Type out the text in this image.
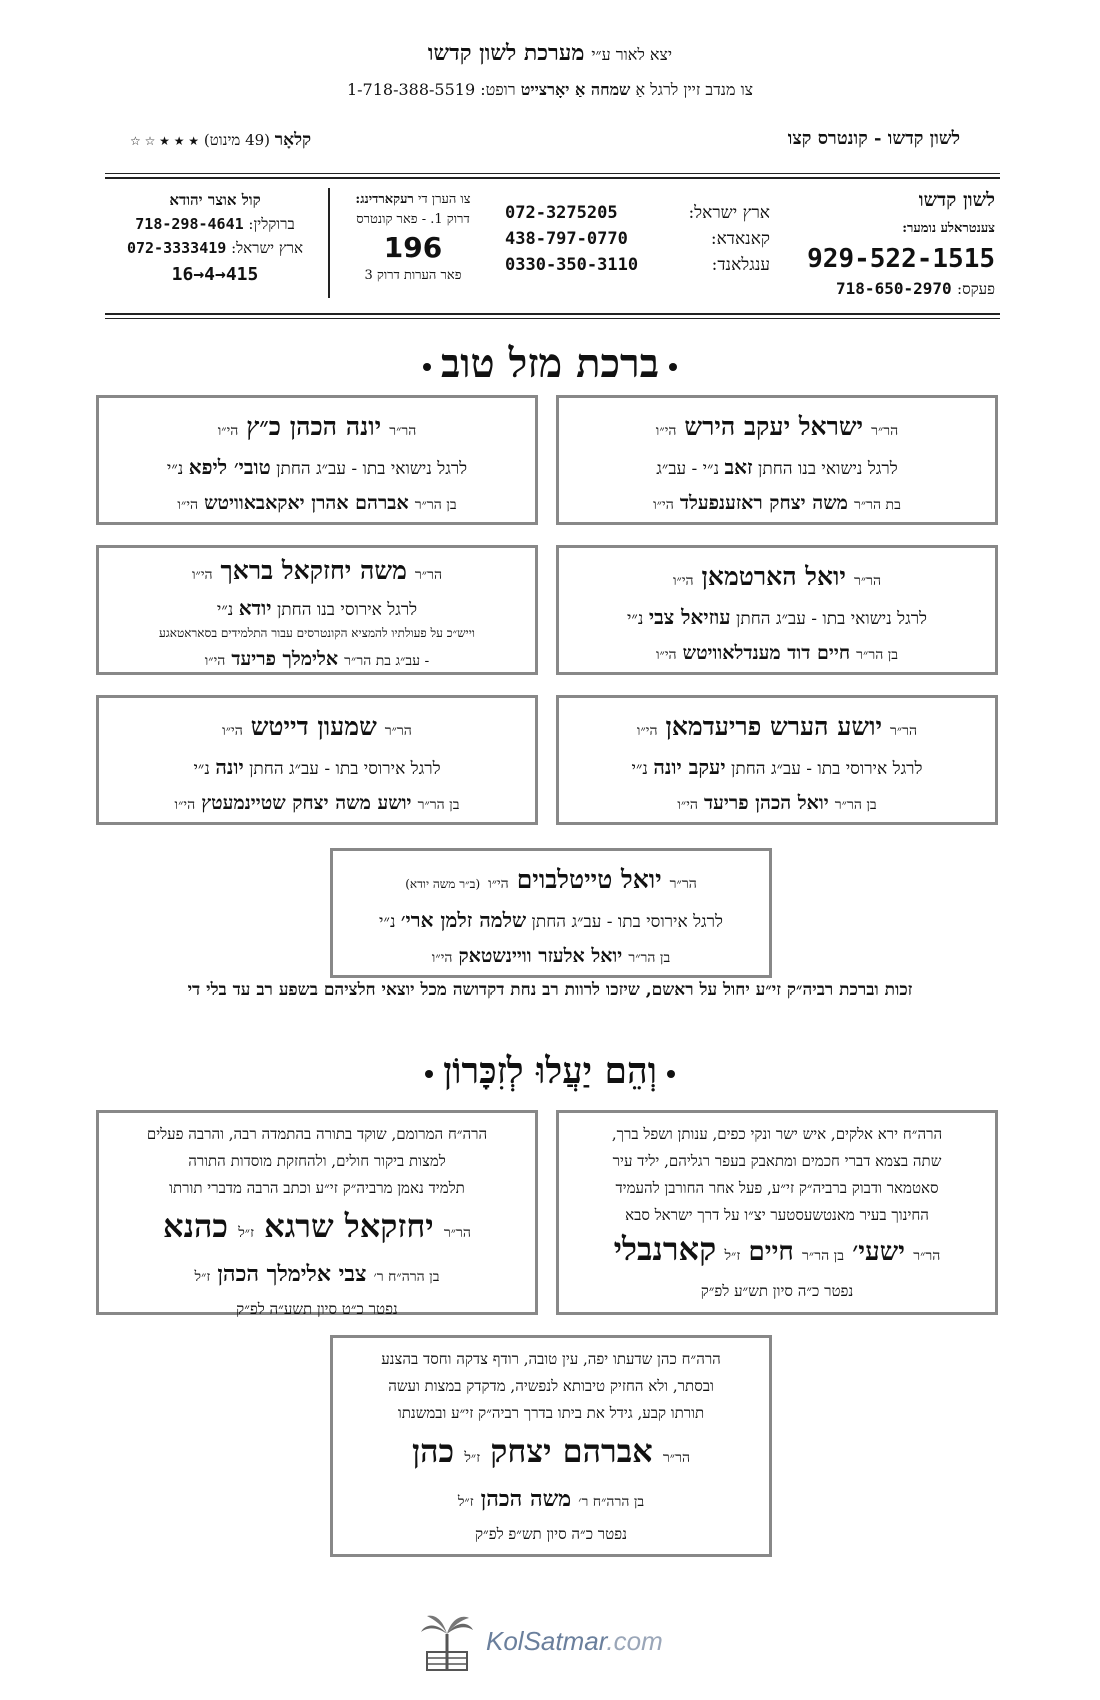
יצא לאור ע״י מערכת לשון קדשו
צו מנדב זיין לרגל אַ שמחה אַ יאָרצייט רופט: 1-718-388-5519
לשון קדשו - קונטרס קצו
קלאָר (49 מינוט) ★ ★ ★ ☆ ☆
לשון קדשו
צענטראלע נומער:
929-522-1515
פעקס: 718-650-2970
ארץ ישראל:
072-3275205
קאנאדא:
438-797-0770
ענגלאנד:
0330-350-3110
צו הערן די רעקארדינג:
דרוק 1. - פאר קונטרס
196
פאר הערות דרוק 3
קול אוצר יהודא
ברוקלין: 718-298-4641
ארץ ישראל: 072-3333419
16→4→415
ברכת מזל טוב
הר״ר ישראל יעקב הירש הי״ו
לרגל נישואי בנו החתן זאב נ״י - עב״ג
בת הר״ר משה יצחק ראזענפעלד הי״ו
הר״ר יונה הכהן כ״ץ הי״ו
לרגל נישואי בתו - עב״ג החתן טובי׳ ליפא נ״י
בן הר״ר אברהם אהרן יאקאבאוויטש הי״ו
הר״ר יואל הארטמאן הי״ו
לרגל נישואי בתו - עב״ג החתן עוזיאל צבי נ״י
בן הר״ר חיים דוד מענדלאוויטש הי״ו
הר״ר משה יחזקאל בראך הי״ו
לרגל אירוסי בנו החתן יודא נ״י
וייש״כ על פעולתיו להמציא הקונטרסים עבור התלמידים בסאראטאגע
- עב״ג בת הר״ר אלימלך פריעד הי״ו
הר״ר יושע הערש פריעדמאן הי״ו
לרגל אירוסי בתו - עב״ג החתן יעקב יונה נ״י
בן הר״ר יואל הכהן פריעד הי״ו
הר״ר שמעון דייטש הי״ו
לרגל אירוסי בתו - עב״ג החתן יונה נ״י
בן הר״ר יושע משה יצחק שטיינמעטץ הי״ו
הר״ר יואל טייטלבוים הי״ו (ב״ר משה יודא)
לרגל אירוסי בתו - עב״ג החתן שלמה זלמן ארי׳ נ״י
בן הר״ר יואל אלעזר וויינשטאק הי״ו
זכות וברכת רביה״ק זי״ע יחול על ראשם, שיזכו לרוות רב נחת דקדושה מכל יוצאי חלציהם בשפע רב עד בלי די
וְהֵם יַעֲלוּ לְזִכָּרוֹן
הרה״ח ירא אלקים, איש ישר ונקי כפים, ענותן ושפל ברך,
שתה בצמא דברי חכמים ומתאבק בעפר רגליהם, יליד עיר
סאטמאר ודבוק ברביה״ק זי״ע, פעל אחר החורבן להעמיד
החינוך בעיר מאנטשעסטער יצ״ו על דרך ישראל סבא
הר״ר ישעי׳ בן הר״ר חיים ז״ל קארנבלי
נפטר כ״ה סיון תש״ע לפ״ק
הרה״ח המרומם, שוקד בתורה בהתמדה רבה, והרבה פעלים
למצות ביקור חולים, ולהחזקת מוסדות התורה
תלמיד נאמן מרביה״ק זי״ע וכתב הרבה מדברי תורתו
הר״ר יחזקאל שרגא ז״ל כהנא
בן הרה״ח ר׳ צבי אלימלך הכהן ז״ל
נפטר כ״ט סיון תשע״ה לפ״ק
הרה״ח כהן שדעתו יפה, עין טובה, רודף צדקה וחסד בהצנע
ובסתר, ולא החזיק טיבותא לנפשיה, מדקדק במצות ועשה
תורתו קבע, גידל את ביתו בדרך רביה״ק זי״ע ובמשנתו
הר״ר אברהם יצחק ז״ל כהן
בן הרה״ח ר׳ משה הכהן ז״ל
נפטר כ״ה סיון תש״פ לפ״ק
KolSatmar.com
